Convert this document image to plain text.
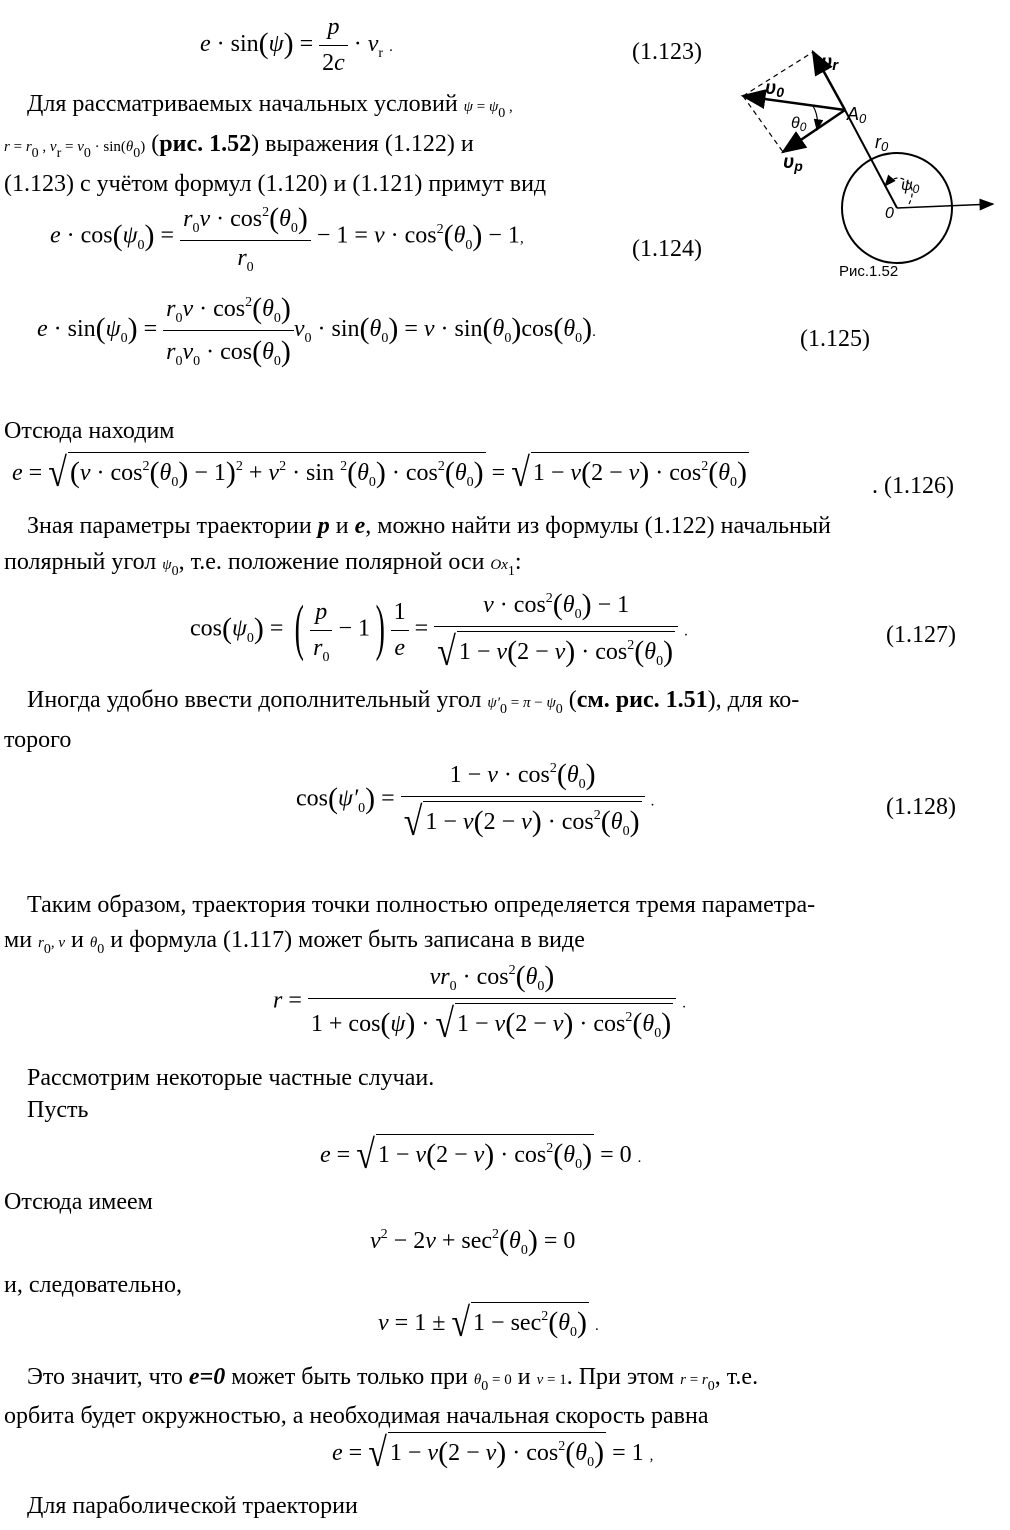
$e \cdot \sin(\psi) = \frac{p}{2c} \cdot v_r$ .	(1.123)	υr
υ0
υp
A0
θ0
r0
ψ0
0
Рис.1.52
Для рассматриваемых начальных условий ψ = ψ0 ,
r = r0 , vr = v0 · sin(θ0) (рис. 1.52) выражения (1.122) и
(1.123) с учётом формул (1.120) и (1.121) примут вид
$e \cdot \cos(\psi_0) = \frac{r_0v \cdot \cos^2(\theta_0)}{r_0} - 1 = v \cdot \cos^2(\theta_0) - 1$,	(1.124)
$e \cdot \sin(\psi_0) = \frac{r_0v \cdot \cos^2(\theta_0)}{r_0v_0 \cdot \cos(\theta_0)} v_0 \cdot \sin(\theta_0) = v \cdot \sin(\theta_0)\cos(\theta_0)$.	(1.125)
Отсюда находим
e = √ $(v \cdot \cos^2(\theta_0) - 1)^2 + v^2 \cdot \sin ^2(\theta_0) \cdot \cos^2(\theta_0)$ = √ $1 - v(2 - v) \cdot \cos^2(\theta_0)$	. (1.126)
Зная параметры траектории p и e, можно найти из формулы (1.122) начальный
полярный угол ψ0, т.е. положение полярной оси $Ox_1$:
$\cos(\psi_0)$ = ( $\frac{p}{r_0} - 1) \frac{1}{e} = \frac{v \cdot \cos^2(\theta_0) - 1}{√ 1 - v(2 - v) \cdot \cos^2(\theta_0)}$ .	(1.127)
Иногда удобно ввести дополнительный угол ψ′0 = π − ψ0 (см. рис. 1.51), для ко-
торого
$\cos(\psi'_0) = \frac{1 - v \cdot \cos^2(\theta_0)}{√ 1 - v(2 - v) \cdot \cos^2(\theta_0)}$ .	(1.128)
Таким образом, траектория точки полностью определяется тремя параметра-
ми r0, v и θ0 и формула (1.117) может быть записана в виде
$r = \frac{vr_0 \cdot \cos^2(\theta_0)}{1 + \cos(\psi) \cdot √ 1 - v(2 - v) \cdot \cos^2(\theta_0)}$ .
Рассмотрим некоторые частные случаи.
Пусть
e = √ $1 - v(2 - v) \cdot \cos^2(\theta_0) = 0$ .
Отсюда имеем
$v^2 - 2v + \sec^2(\theta_0) = 0$
и, следовательно,
v = 1 ± √ $1 - \sec^2(\theta_0)$ .
Это значит, что e=0 может быть только при θ0 = 0 и v = 1. При этом r = r0, т.е.
орбита будет окружностью, а необходимая начальная скорость равна
e = √ $1 - v(2 - v) \cdot \cos^2(\theta_0) = 1$ ,
Для параболической траектории
